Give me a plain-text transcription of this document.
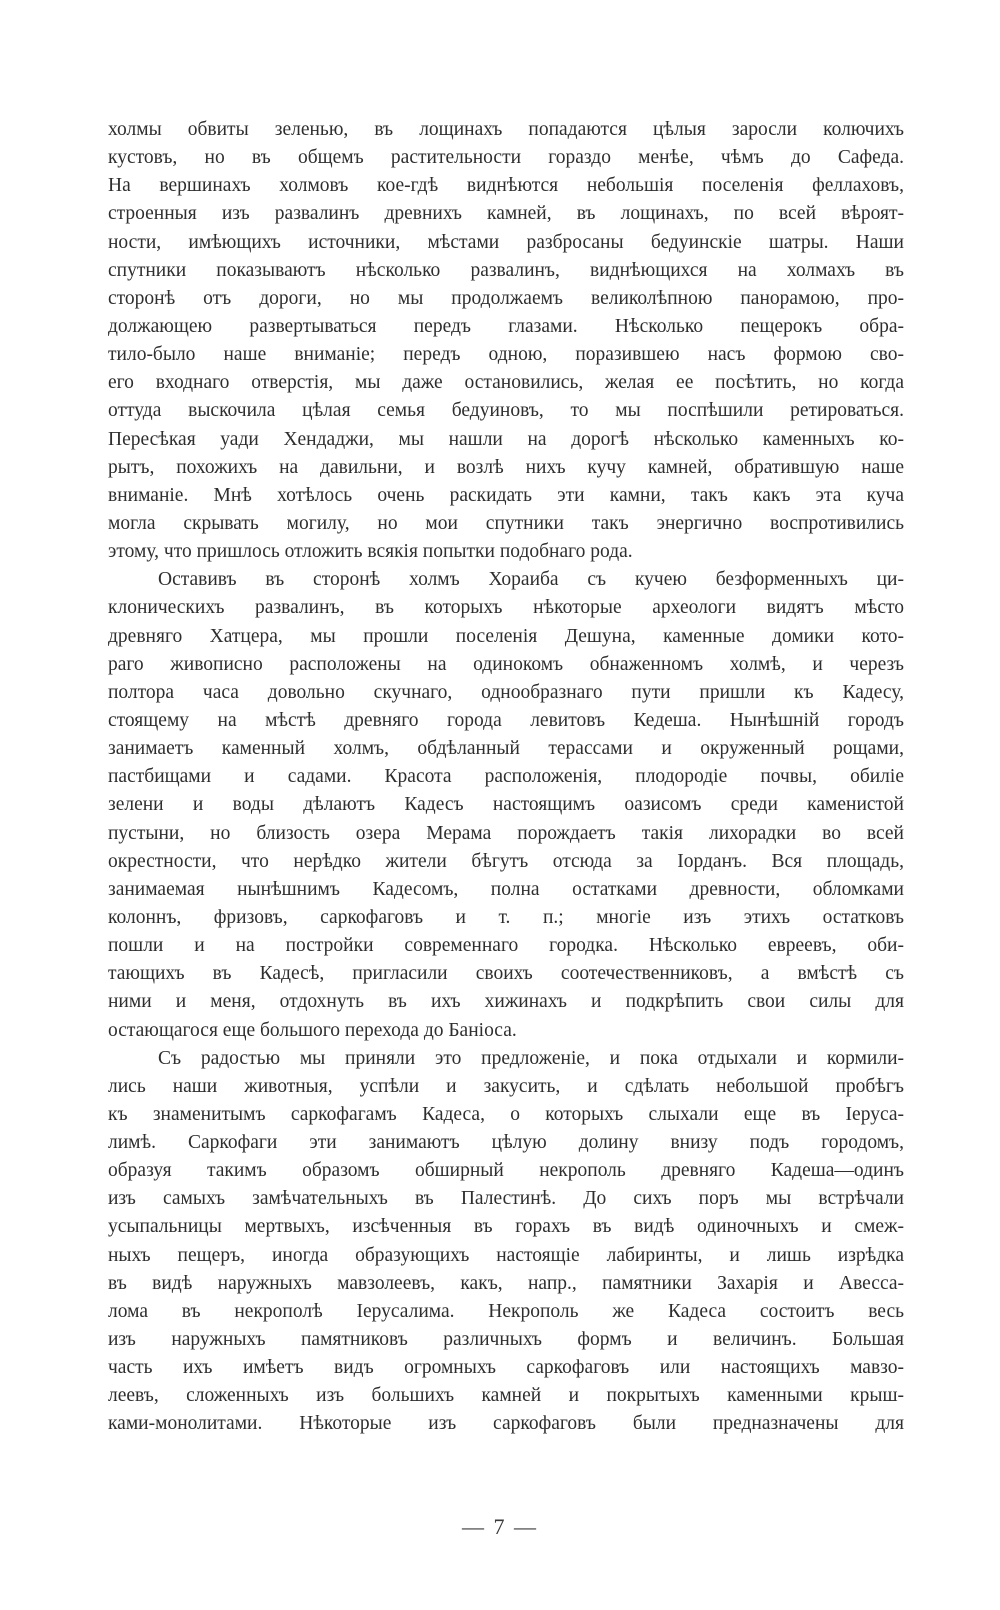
холмы обвиты зеленью, въ лощинахъ попадаются цѣлыя заросли колючихъ
кустовъ, но въ общемъ растительности гораздо менѣе, чѣмъ до Сафеда.
На вершинахъ холмовъ кое-гдѣ виднѣются небольшія поселенія феллаховъ,
строенныя изъ развалинъ древнихъ камней, въ лощинахъ, по всей вѣроят-
ности, имѣющихъ источники, мѣстами разбросаны бедуинскіе шатры. Наши
спутники показываютъ нѣсколько развалинъ, виднѣющихся на холмахъ въ
сторонѣ отъ дороги, но мы продолжаемъ великолѣпною панорамою, про-
должающею развертываться передъ глазами. Нѣсколько пещерокъ обра-
тило-было наше вниманіе; передъ одною, поразившею насъ формою сво-
его входнаго отверстія, мы даже остановились, желая ее посѣтить, но когда
оттуда выскочила цѣлая семья бедуиновъ, то мы поспѣшили ретироваться.
Пересѣкая уади Хендаджи, мы нашли на дорогѣ нѣсколько каменныхъ ко-
рытъ, похожихъ на давильни, и возлѣ нихъ кучу камней, обратившую наше
вниманіе. Мнѣ хотѣлось очень раскидать эти камни, такъ какъ эта куча
могла скрывать могилу, но мои спутники такъ энергично воспротивились
этому, что пришлось отложить всякія попытки подобнаго рода.
Оставивъ въ сторонѣ холмъ Хораиба съ кучею безформенныхъ ци-
клоническихъ развалинъ, въ которыхъ нѣкоторые археологи видятъ мѣсто
древняго Хатцера, мы прошли поселенія Дешуна, каменные домики кото-
раго живописно расположены на одинокомъ обнаженномъ холмѣ, и черезъ
полтора часа довольно скучнаго, однообразнаго пути пришли къ Кадесу,
стоящему на мѣстѣ древняго города левитовъ Кедеша. Нынѣшній городъ
занимаетъ каменный холмъ, обдѣланный терассами и окруженный рощами,
пастбищами и садами. Красота расположенія, плодородіе почвы, обиліе
зелени и воды дѣлаютъ Кадесъ настоящимъ оазисомъ среди каменистой
пустыни, но близость озера Мерама порождаетъ такія лихорадки во всей
окрестности, что нерѣдко жители бѣгутъ отсюда за Іорданъ. Вся площадь,
занимаемая нынѣшнимъ Кадесомъ, полна остатками древности, обломками
колоннъ, фризовъ, саркофаговъ и т. п.; многіе изъ этихъ остатковъ
пошли и на постройки современнаго городка. Нѣсколько евреевъ, оби-
тающихъ въ Кадесѣ, пригласили своихъ соотечественниковъ, а вмѣстѣ съ
ними и меня, отдохнуть въ ихъ хижинахъ и подкрѣпить свои силы для
остающагося еще большого перехода до Баніоса.
Съ радостью мы приняли это предложеніе, и пока отдыхали и кормили-
лись наши животныя, успѣли и закусить, и сдѣлать небольшой пробѣгъ
къ знаменитымъ саркофагамъ Кадеса, о которыхъ слыхали еще въ Іеруса-
лимѣ. Саркофаги эти занимаютъ цѣлую долину внизу подъ городомъ,
образуя такимъ образомъ обширный некрополь древняго Кадеша—одинъ
изъ самыхъ замѣчательныхъ въ Палестинѣ. До сихъ поръ мы встрѣчали
усыпальницы мертвыхъ, изсѣченныя въ горахъ въ видѣ одиночныхъ и смеж-
ныхъ пещеръ, иногда образующихъ настоящіе лабиринты, и лишь изрѣдка
въ видѣ наружныхъ мавзолеевъ, какъ, напр., памятники Захарія и Авесса-
лома въ некрополѣ Іерусалима. Некрополь же Кадеса состоитъ весь
изъ наружныхъ памятниковъ различныхъ формъ и величинъ. Большая
часть ихъ имѣетъ видъ огромныхъ саркофаговъ или настоящихъ мавзо-
леевъ, сложенныхъ изъ большихъ камней и покрытыхъ каменными крыш-
ками-монолитами. Нѣкоторые изъ саркофаговъ были предназначены для
— 7 —
